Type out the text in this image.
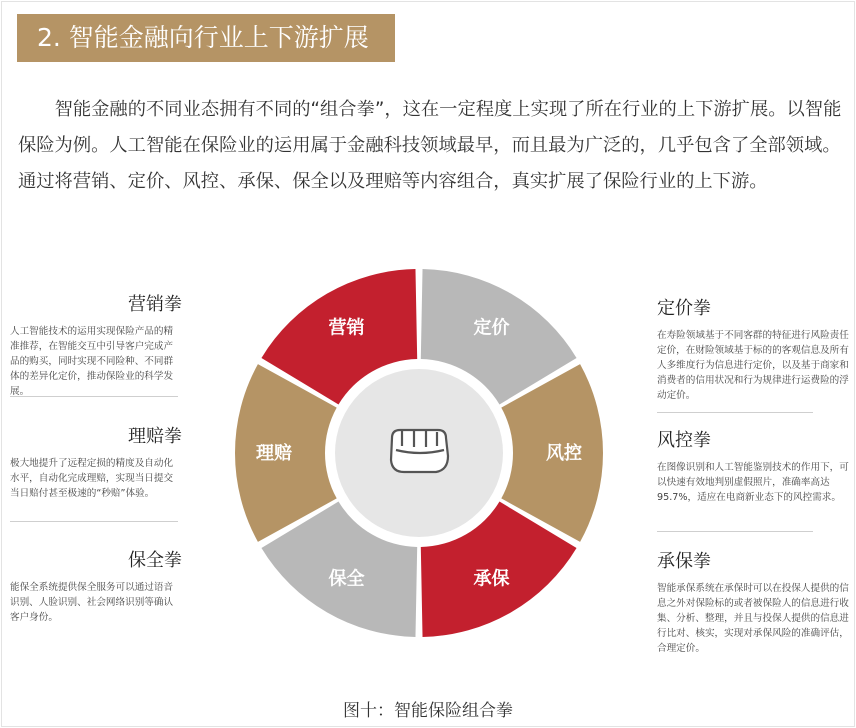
2. 智能金融向行业上下游扩展

智能金融的不同业态拥有不同的“组合拳”，这在一定程度上实现了所在行业的上下游扩展。以智能保险为例。人工智能在保险业的运用属于金融科技领域最早，而且最为广泛的，几乎包含了全部领域。通过将营销、定价、风控、承保、保全以及理赔等内容组合，真实扩展了保险行业的上下游。

营销拳
人工智能技术的运用实现保险产品的精准推荐，在智能交互中引导客户完成产品的购买，同时实现不同险种、不同群体的差异化定价，推动保险业的科学发展。
理赔拳
极大地提升了远程定损的精度及自动化水平，自动化完成理赔，实现当日提交当日赔付甚至极速的“秒赔”体验。
保全拳
能保全系统提供保全服务可以通过语音识别、人脸识别、社会网络识别等确认客户身份。
定价拳
在寿险领域基于不同客群的特征进行风险责任定价，在财险领域基于标的的客观信息及所有人多维度行为信息进行定价，以及基于商家和消费者的信用状况和行为规律进行运费险的浮动定价。
风控拳
在图像识别和人工智能鉴别技术的作用下，可以快速有效地判别虚假照片，准确率高达95.7%，适应在电商新业态下的风控需求。
承保拳
智能承保系统在承保时可以在投保人提供的信息之外对保险标的或者被保险人的信息进行收集、分析、整理，并且与投保人提供的信息进行比对、核实，实现对承保风险的准确评估，合理定价。
营销	定价
风控
承保
保全
理赔
图十：智能保险组合拳
